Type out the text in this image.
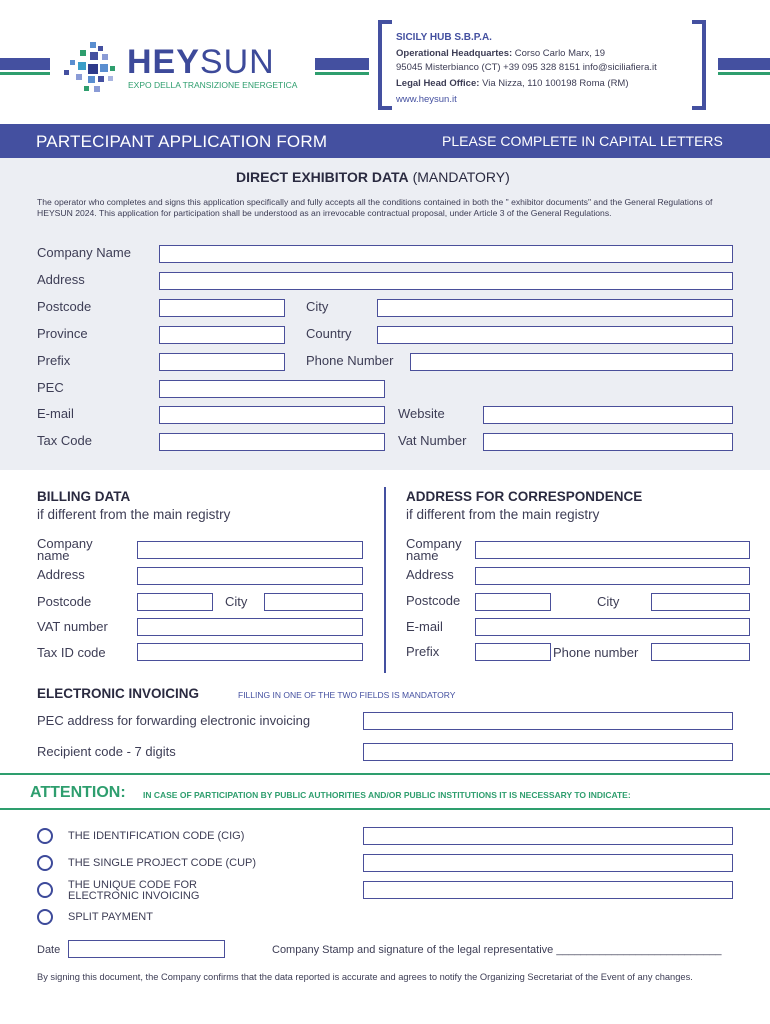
HEYSUN
EXPO DELLA TRANSIZIONE ENERGETICA
SICILY HUB S.B.P.A.
Operational Headquartes: Corso Carlo Marx, 19
95045 Misterbianco (CT) +39 095 328 8151 info@siciliafiera.it
Legal Head Office: Via Nizza, 110 100198 Roma (RM)
www.heysun.it
PARTECIPANT APPLICATION FORM	PLEASE COMPLETE IN CAPITAL LETTERS
DIRECT EXHIBITOR DATA (MANDATORY)
The operator who completes and signs this application specifically and fully accepts all the conditions contained in both the " exhibitor documents" and the General Regulations of HEYSUN 2024. This application for participation shall be understood as an irrevocable contractual proposal, under Article 3 of the General Regulations.
Company Name
Address
Postcode	City
Province	Country
Prefix	Phone Number
PEC
E-mail	Website
Tax Code	Vat Number
BILLING DATA
if different from the main registry
ADDRESS FOR CORRESPONDENCE
if different from the main registry
Company name
Address
Postcode	City
VAT number
Tax ID code
Company name
Address
Postcode	City
E-mail
Prefix	Phone number
ELECTRONIC INVOICING	FILLING IN ONE OF THE TWO FIELDS IS MANDATORY
PEC address for forwarding electronic invoicing
Recipient code - 7 digits
ATTENTION: IN CASE OF PARTICIPATION BY PUBLIC AUTHORITIES AND/OR PUBLIC INSTITUTIONS IT IS NECESSARY TO INDICATE:
THE IDENTIFICATION CODE (CIG)
THE SINGLE PROJECT CODE (CUP)
THE UNIQUE CODE FOR ELECTRONIC INVOICING
SPLIT PAYMENT
Date	Company Stamp and signature of the legal representative ___________________________
By signing this document, the Company confirms that the data reported is accurate and agrees to notify the Organizing Secretariat of the Event of any changes.
